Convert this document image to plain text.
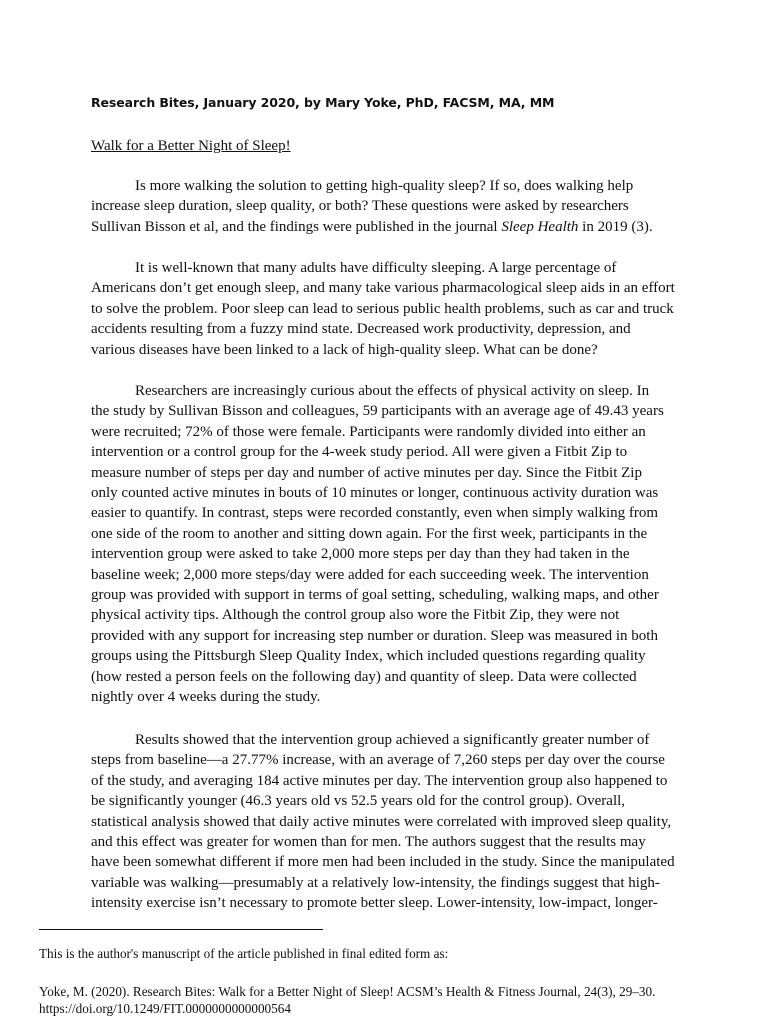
Research Bites, January 2020, by Mary Yoke, PhD, FACSM, MA, MM
Walk for a Better Night of Sleep!
Is more walking the solution to getting high-quality sleep? If so, does walking help
increase sleep duration, sleep quality, or both? These questions were asked by researchers
Sullivan Bisson et al, and the findings were published in the journal Sleep Health in 2019 (3).
It is well-known that many adults have difficulty sleeping. A large percentage of
Americans don’t get enough sleep, and many take various pharmacological sleep aids in an effort
to solve the problem. Poor sleep can lead to serious public health problems, such as car and truck
accidents resulting from a fuzzy mind state. Decreased work productivity, depression, and
various diseases have been linked to a lack of high-quality sleep. What can be done?
Researchers are increasingly curious about the effects of physical activity on sleep. In
the study by Sullivan Bisson and colleagues, 59 participants with an average age of 49.43 years
were recruited; 72% of those were female. Participants were randomly divided into either an
intervention or a control group for the 4-week study period. All were given a Fitbit Zip to
measure number of steps per day and number of active minutes per day. Since the Fitbit Zip
only counted active minutes in bouts of 10 minutes or longer, continuous activity duration was
easier to quantify. In contrast, steps were recorded constantly, even when simply walking from
one side of the room to another and sitting down again. For the first week, participants in the
intervention group were asked to take 2,000 more steps per day than they had taken in the
baseline week; 2,000 more steps/day were added for each succeeding week. The intervention
group was provided with support in terms of goal setting, scheduling, walking maps, and other
physical activity tips. Although the control group also wore the Fitbit Zip, they were not
provided with any support for increasing step number or duration. Sleep was measured in both
groups using the Pittsburgh Sleep Quality Index, which included questions regarding quality
(how rested a person feels on the following day) and quantity of sleep. Data were collected
nightly over 4 weeks during the study.
Results showed that the intervention group achieved a significantly greater number of
steps from baseline—a 27.77% increase, with an average of 7,260 steps per day over the course
of the study, and averaging 184 active minutes per day. The intervention group also happened to
be significantly younger (46.3 years old vs 52.5 years old for the control group). Overall,
statistical analysis showed that daily active minutes were correlated with improved sleep quality,
and this effect was greater for women than for men. The authors suggest that the results may
have been somewhat different if more men had been included in the study. Since the manipulated
variable was walking—presumably at a relatively low-intensity, the findings suggest that high-
intensity exercise isn’t necessary to promote better sleep. Lower-intensity, low-impact, longer-
This is the author's manuscript of the article published in final edited form as:
Yoke, M. (2020). Research Bites: Walk for a Better Night of Sleep! ACSM’s Health & Fitness Journal, 24(3), 29–30.
https://doi.org/10.1249/FIT.0000000000000564
